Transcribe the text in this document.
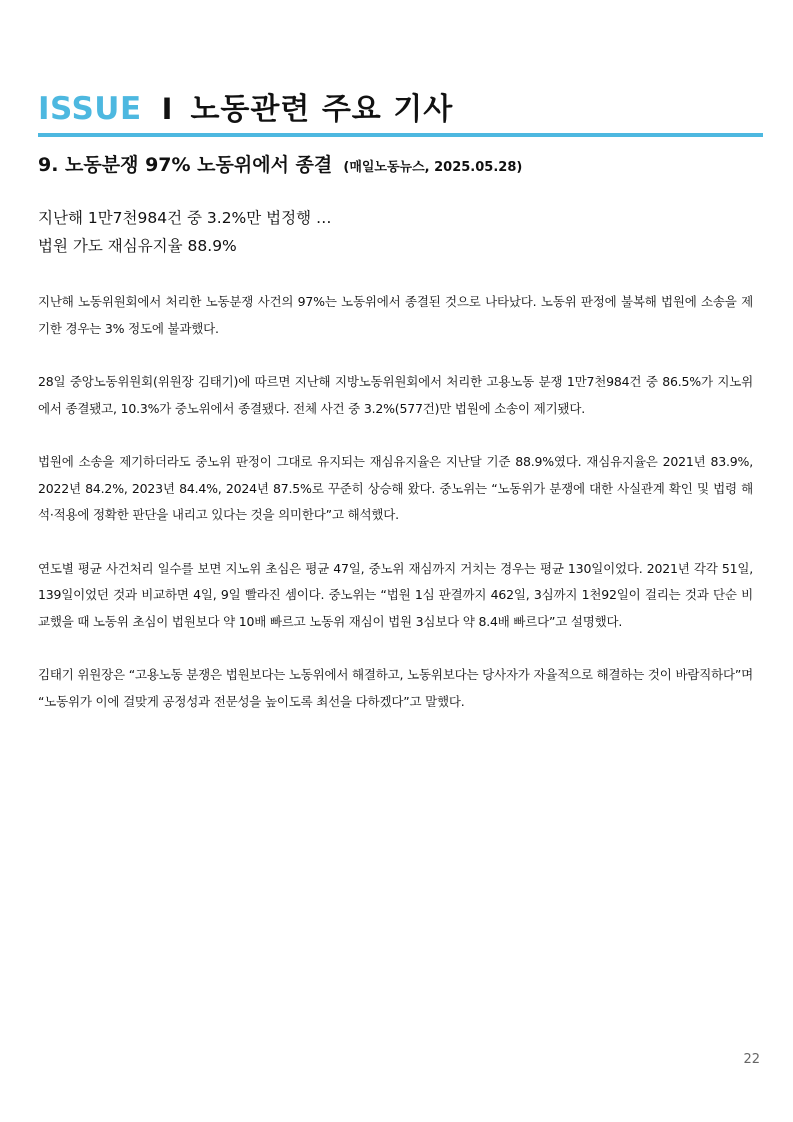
ISSUE I 노동관련 주요 기사
9. 노동분쟁 97% 노동위에서 종결 (매일노동뉴스, 2025.05.28)
지난해 1만7천984건 중 3.2%만 법정행 …
법원 가도 재심유지율 88.9%

지난해 노동위원회에서 처리한 노동분쟁 사건의 97%는 노동위에서 종결된 것으로 나타났다. 노동위 판정에 불복해 법원에 소송을 제기한 경우는 3% 정도에 불과했다.

28일 중앙노동위원회(위원장 김태기)에 따르면 지난해 지방노동위원회에서 처리한 고용노동 분쟁 1만7천984건 중 86.5%가 지노위에서 종결됐고, 10.3%가 중노위에서 종결됐다. 전체 사건 중 3.2%(577건)만 법원에 소송이 제기됐다.

법원에 소송을 제기하더라도 중노위 판정이 그대로 유지되는 재심유지율은 지난달 기준 88.9%였다. 재심유지율은 2021년 83.9%, 2022년 84.2%, 2023년 84.4%, 2024년 87.5%로 꾸준히 상승해 왔다. 중노위는 “노동위가 분쟁에 대한 사실관계 확인 및 법령 해석·적용에 정확한 판단을 내리고 있다는 것을 의미한다”고 해석했다.

연도별 평균 사건처리 일수를 보면 지노위 초심은 평균 47일, 중노위 재심까지 거치는 경우는 평균 130일이었다. 2021년 각각 51일, 139일이었던 것과 비교하면 4일, 9일 빨라진 셈이다. 중노위는 “법원 1심 판결까지 462일, 3심까지 1천92일이 걸리는 것과 단순 비교했을 때 노동위 초심이 법원보다 약 10배 빠르고 노동위 재심이 법원 3심보다 약 8.4배 빠르다”고 설명했다.

김태기 위원장은 “고용노동 분쟁은 법원보다는 노동위에서 해결하고, 노동위보다는 당사자가 자율적으로 해결하는 것이 바람직하다”며 “노동위가 이에 걸맞게 공정성과 전문성을 높이도록 최선을 다하겠다”고 말했다.

22
